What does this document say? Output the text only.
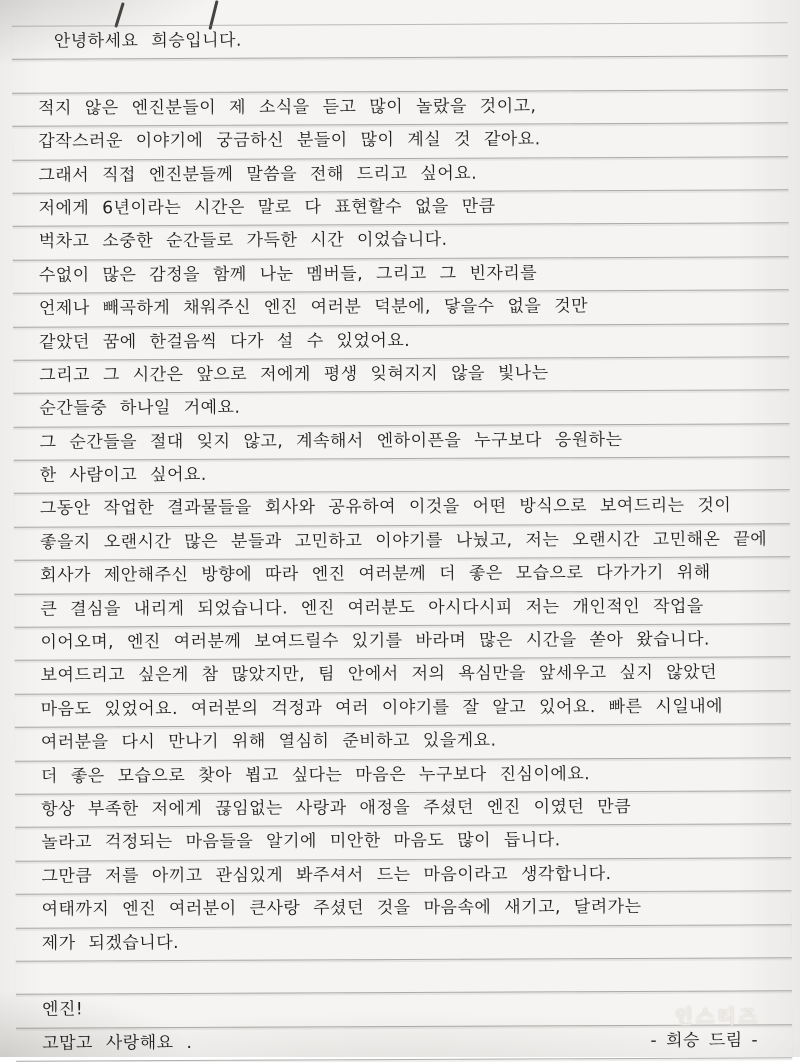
안녕하세요 희승입니다.
적지 않은 엔진분들이 제 소식을 듣고 많이 놀랐을 것이고,
갑작스러운 이야기에 궁금하신 분들이 많이 계실 것 같아요.
그래서 직접 엔진분들께 말씀을 전해 드리고 싶어요.
저에게 6년이라는 시간은 말로 다 표현할수 없을 만큼
벅차고 소중한 순간들로 가득한 시간 이었습니다.
수없이 많은 감정을 함께 나눈 멤버들, 그리고 그 빈자리를
언제나 빼곡하게 채워주신 엔진 여러분 덕분에, 닿을수 없을 것만
같았던 꿈에 한걸음씩 다가 설 수 있었어요.
그리고 그 시간은 앞으로 저에게 평생 잊혀지지 않을 빛나는
순간들중 하나일 거예요.
그 순간들을 절대 잊지 않고, 계속해서 엔하이픈을 누구보다 응원하는
한 사람이고 싶어요.
그동안 작업한 결과물들을 회사와 공유하여 이것을 어떤 방식으로 보여드리는 것이
좋을지 오랜시간 많은 분들과 고민하고 이야기를 나눴고, 저는 오랜시간 고민해온 끝에
회사가 제안해주신 방향에 따라 엔진 여러분께 더 좋은 모습으로 다가가기 위해
큰 결심을 내리게 되었습니다. 엔진 여러분도 아시다시피 저는 개인적인 작업을
이어오며, 엔진 여러분께 보여드릴수 있기를 바라며 많은 시간을 쏟아 왔습니다.
보여드리고 싶은게 참 많았지만, 팀 안에서 저의 욕심만을 앞세우고 싶지 않았던
마음도 있었어요. 여러분의 걱정과 여러 이야기를 잘 알고 있어요. 빠른 시일내에
여러분을 다시 만나기 위해 열심히 준비하고 있을게요.
더 좋은 모습으로 찾아 뵙고 싶다는 마음은 누구보다 진심이에요.
항상 부족한 저에게 끊임없는 사랑과 애정을 주셨던 엔진 이였던 만큼
놀라고 걱정되는 마음들을 알기에 미안한 마음도 많이 듭니다.
그만큼 저를 아끼고 관심있게 봐주셔서 드는 마음이라고 생각합니다.
여태까지 엔진 여러분이 큰사랑 주셨던 것을 마음속에 새기고, 달려가는
제가 되겠습니다.
엔진!
고맙고 사랑해요 .	- 희승 드림 -
인스티즈
